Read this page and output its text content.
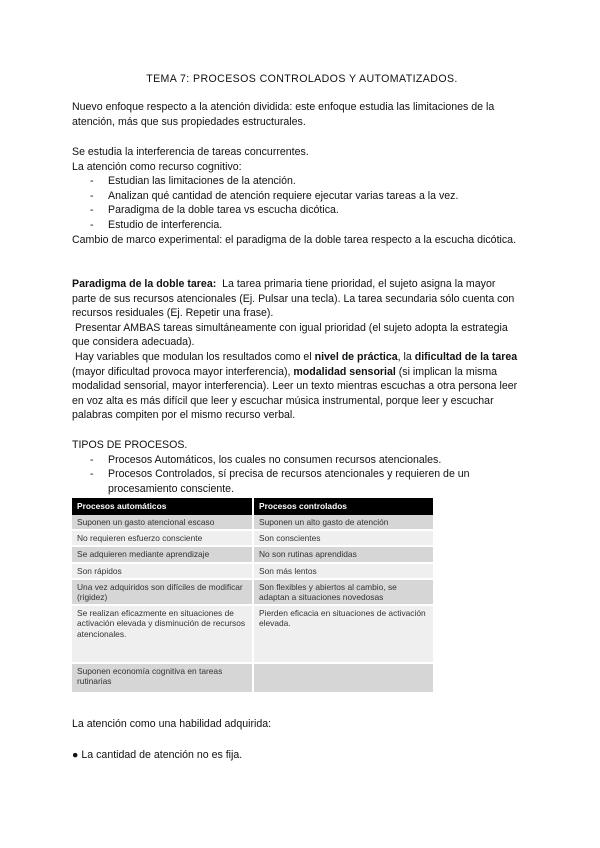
TEMA 7: PROCESOS CONTROLADOS Y AUTOMATIZADOS.

Nuevo enfoque respecto a la atención dividida: este enfoque estudia las limitaciones de la atención, más que sus propiedades estructurales.

Se estudia la interferencia de tareas concurrentes.

La atención como recurso cognitivo:

- Estudian las limitaciones de la atención.
- Analizan qué cantidad de atención requiere ejecutar varias tareas a la vez.
- Paradigma de la doble tarea vs escucha dicótica.
- Estudio de interferencia.

Cambio de marco experimental: el paradigma de la doble tarea respecto a la escucha dicótica.

Paradigma de la doble tarea: La tarea primaria tiene prioridad, el sujeto asigna la mayor parte de sus recursos atencionales (Ej. Pulsar una tecla). La tarea secundaria sólo cuenta con recursos residuales (Ej. Repetir una frase).

Presentar AMBAS tareas simultáneamente con igual prioridad (el sujeto adopta la estrategia que considera adecuada).

Hay variables que modulan los resultados como el nivel de práctica, la dificultad de la tarea (mayor dificultad provoca mayor interferencia), modalidad sensorial (si implican la misma modalidad sensorial, mayor interferencia). Leer un texto mientras escuchas a otra persona leer en voz alta es más difícil que leer y escuchar música instrumental, porque leer y escuchar palabras compiten por el mismo recurso verbal.

TIPOS DE PROCESOS.

- Procesos Automáticos, los cuales no consumen recursos atencionales.
- Procesos Controlados, sí precisa de recursos atencionales y requieren de un procesamiento consciente.
Procesos automáticos	Procesos controlados
Suponen un gasto atencional escaso	Suponen un alto gasto de atención
No requieren esfuerzo consciente	Son conscientes
Se adquieren mediante aprendizaje	No son rutinas aprendidas
Son rápidos	Son más lentos
Una vez adquiridos son difíciles de modificar (rigidez)	Son flexibles y abiertos al cambio, se adaptan a situaciones novedosas
Se realizan eficazmente en situaciones de activación elevada y disminución de recursos atencionales.	Pierden eficacia en situaciones de activación elevada.
Suponen economía cognitiva en tareas rutinarias	

La atención como una habilidad adquirida:

● La cantidad de atención no es fija.
